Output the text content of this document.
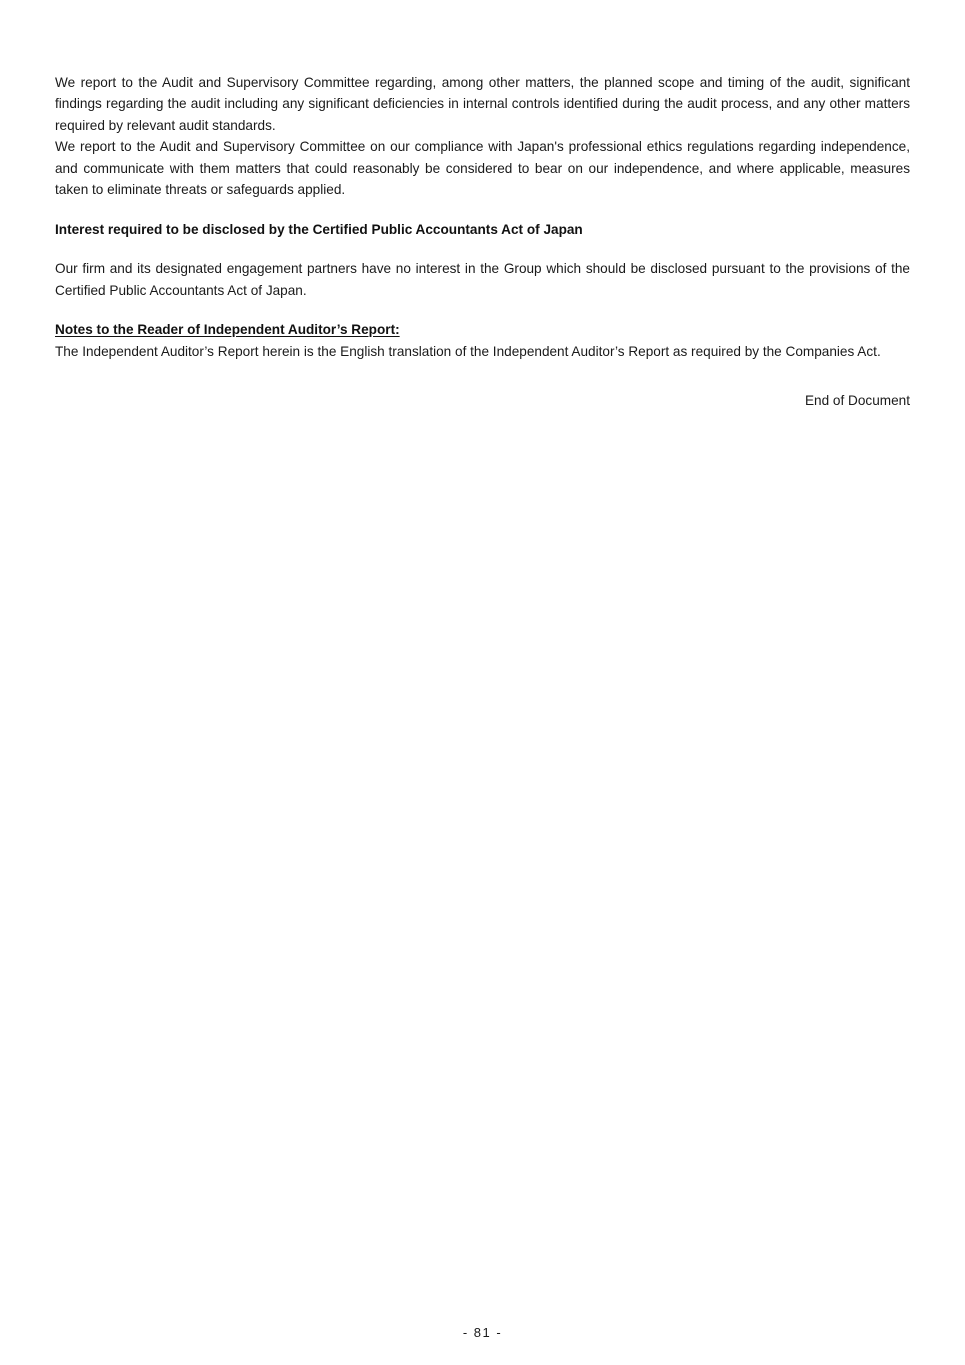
We report to the Audit and Supervisory Committee regarding, among other matters, the planned scope and timing of the audit, significant findings regarding the audit including any significant deficiencies in internal controls identified during the audit process, and any other matters required by relevant audit standards.

We report to the Audit and Supervisory Committee on our compliance with Japan's professional ethics regulations regarding independence, and communicate with them matters that could reasonably be considered to bear on our independence, and where applicable, measures taken to eliminate threats or safeguards applied.

Interest required to be disclosed by the Certified Public Accountants Act of Japan

Our firm and its designated engagement partners have no interest in the Group which should be disclosed pursuant to the provisions of the Certified Public Accountants Act of Japan.

Notes to the Reader of Independent Auditor’s Report:

The Independent Auditor’s Report herein is the English translation of the Independent Auditor’s Report as required by the Companies Act.

End of Document

- 81 -
